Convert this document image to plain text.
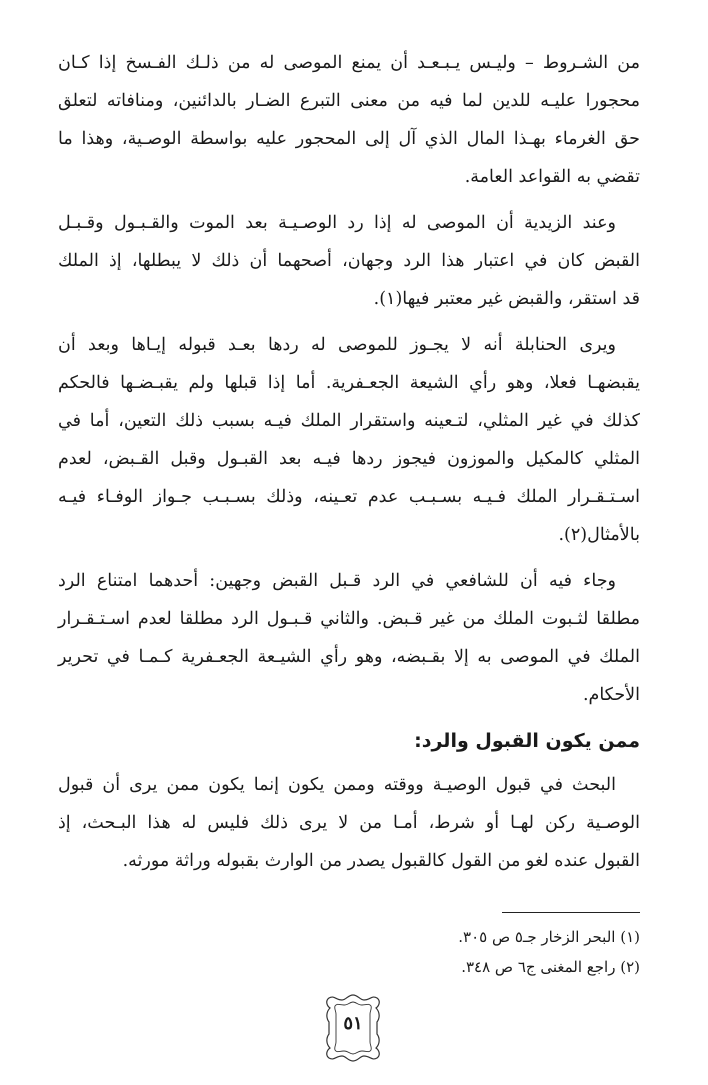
من الشـروط – وليـس يـبـعـد أن يمنع الموصى له من ذلـك الفـسخ إذا كـان
محجورا عليـه للدين لما فيه من معنى التبرع الضـار بالدائنين، ومنافاته لتعلق
حق الغرماء بهـذا المال الذي آل إلى المحجور عليه بواسطة الوصـية، وهذا ما
تقضي به القواعد العامة.

وعند الزيدية أن الموصى له إذا رد الوصـيـة بعد الموت والقـبـول وقـبـل
القبض كان في اعتبار هذا الرد وجهان، أصحهما أن ذلك لا يبطلها، إذ الملك
قد استقر، والقبض غير معتبر فيها(١).

ويرى الحنابلة أنه لا يجـوز للموصى له ردها بعـد قبوله إيـاها وبعد أن
يقبضهـا فعلا، وهو رأي الشيعة الجعـفرية. أما إذا قبلها ولم يقبـضـها فالحكم
كذلك في غير المثلي، لتـعينه واستقرار الملك فيـه بسبب ذلك التعين، أما في
المثلي كالمكيل والموزون فيجوز ردها فيـه بعد القبـول وقبل القـبض، لعدم
اسـتـقـرار الملك فـيـه بسـبـب عدم تعـينه، وذلك بسـبـب جـواز الوفـاء فيـه
بالأمثال(٢).

وجاء فيه أن للشافعي في الرد قـبل القبض وجهين: أحدهما امتناع الرد
مطلقا لثـبوت الملك من غير قـبض. والثاني قـبـول الرد مطلقا لعدم اسـتـقـرار
الملك في الموصى به إلا بقـبضه، وهو رأي الشيـعة الجعـفرية كـمـا في تحرير
الأحكام.

ممن يكون القبول والرد:

البحث في قبول الوصيـة ووقته وممن يكون إنما يكون ممن يرى أن قبول
الوصـية ركن لهـا أو شرط، أمـا من لا يرى ذلك فليس له هذا البـحث، إذ
القبول عنده لغو من القول كالقبول يصدر من الوارث بقبوله وراثة مورثه.

(١) البحر الزخار جـ٥ ص ٣٠٥.
(٢) راجع المغنى ج٦ ص ٣٤٨.
٥١
